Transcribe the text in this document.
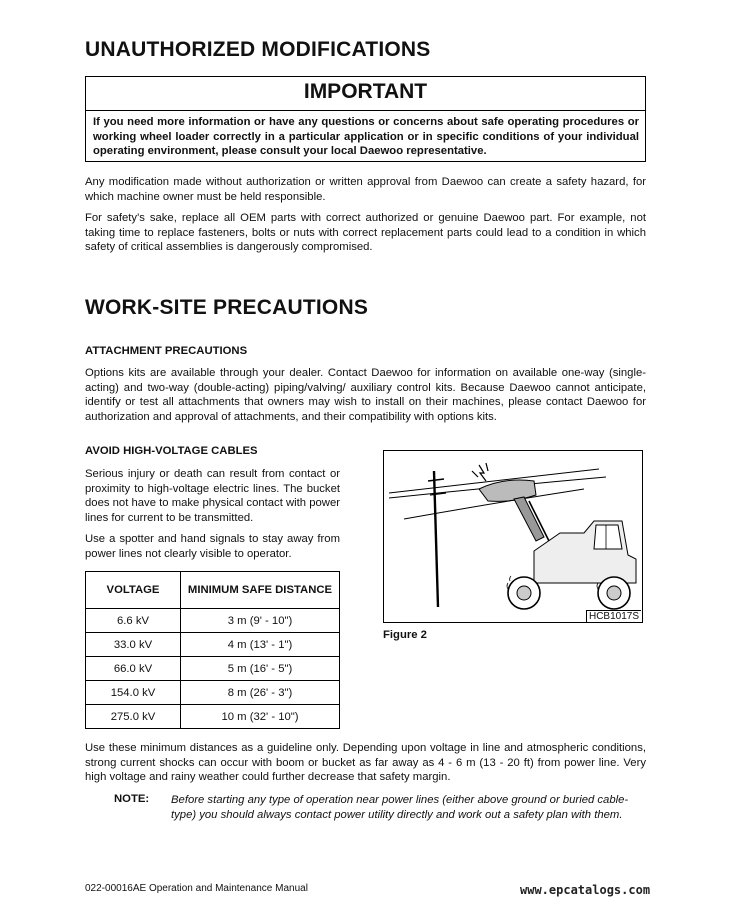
UNAUTHORIZED MODIFICATIONS
IMPORTANT
If you need more information or have any questions or concerns about safe operating procedures or working wheel loader correctly in a particular application or in specific conditions of your individual operating environment, please consult your local Daewoo representative.
Any modification made without authorization or written approval from Daewoo can create a safety hazard, for which machine owner must be held responsible.
For safety's sake, replace all OEM parts with correct authorized or genuine Daewoo part. For example, not taking time to replace fasteners, bolts or nuts with correct replacement parts could lead to a condition in which safety of critical assemblies is dangerously compromised.
WORK-SITE PRECAUTIONS
ATTACHMENT PRECAUTIONS
Options kits are available through your dealer. Contact Daewoo for information on available one-way (single-acting) and two-way (double-acting) piping/valving/ auxiliary control kits. Because Daewoo cannot anticipate, identify or test all attachments that owners may wish to install on their machines, please contact Daewoo for authorization and approval of attachments, and their compatibility with options kits.
AVOID HIGH-VOLTAGE CABLES
Serious injury or death can result from contact or proximity to high-voltage electric lines. The bucket does not have to make physical contact with power lines for current to be transmitted.
Use a spotter and hand signals to stay away from power lines not clearly visible to operator.
VOLTAGE	MINIMUM SAFE DISTANCE
6.6 kV	3 m (9' - 10")
33.0 kV	4 m (13' - 1")
66.0 kV	5 m (16' - 5")
154.0 kV	8 m (26' - 3")
275.0 kV	10 m (32' - 10")
HCB1017S
Figure 2
Use these minimum distances as a guideline only. Depending upon voltage in line and atmospheric conditions, strong current shocks can occur with boom or bucket as far away as 4 - 6 m (13 - 20 ft) from power line. Very high voltage and rainy weather could further decrease that safety margin.
NOTE: Before starting any type of operation near power lines (either above ground or buried cable-type) you should always contact power utility directly and work out a safety plan with them.
022-00016AE Operation and Maintenance Manual	www.epcatalogs.com
